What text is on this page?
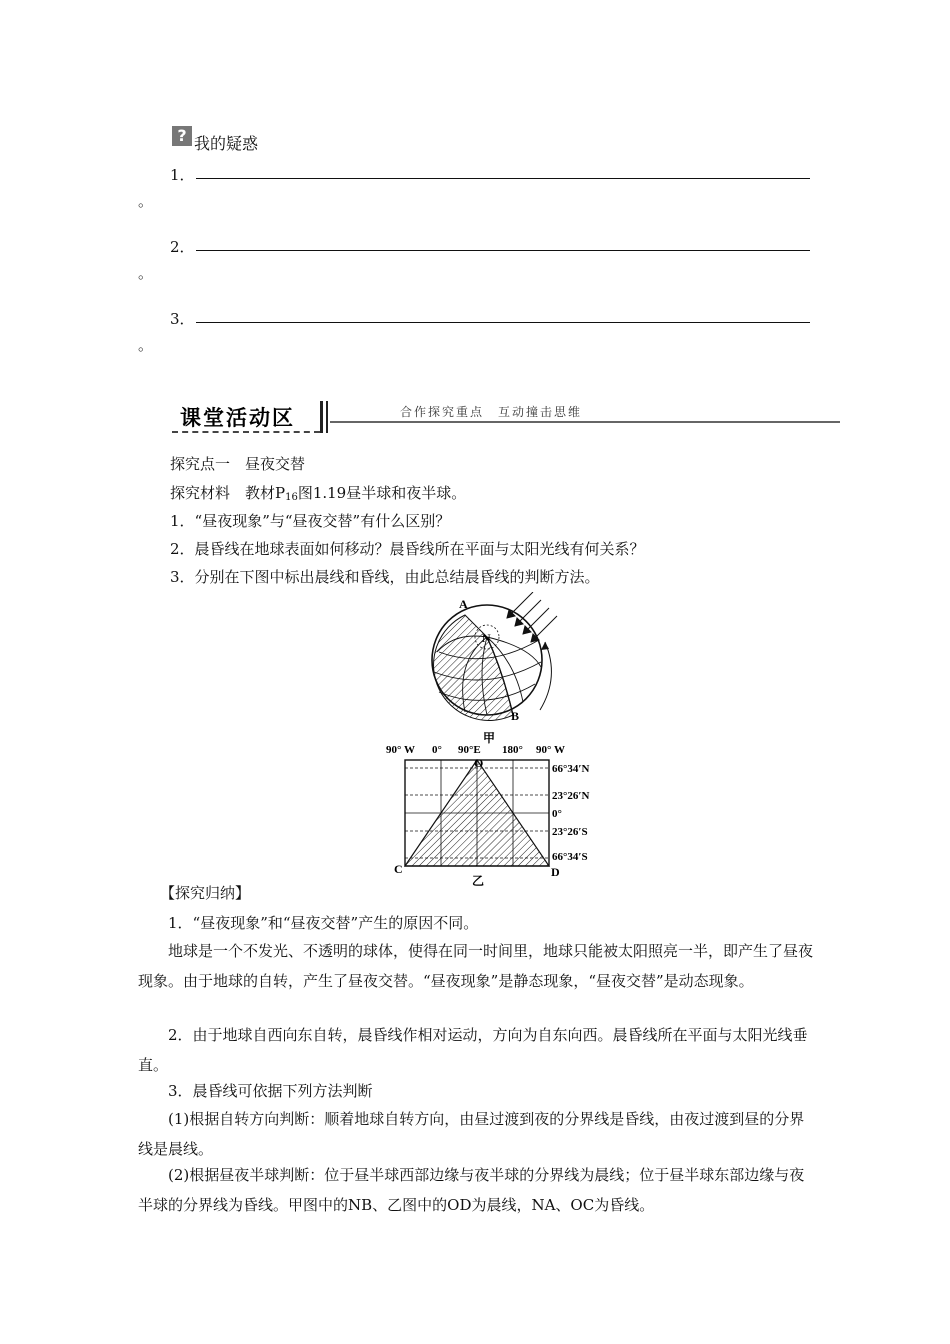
? 我的疑惑
1．
。
2．
。
3．
。
课堂活动区	合作探究重点　互动撞击思维
探究点一　昼夜交替
探究材料　教材$P_{16}$图1.19昼半球和夜半球。
1．“昼夜现象”与“昼夜交替”有什么区别？
2．晨昏线在地球表面如何移动？晨昏线所在平面与太阳光线有何关系？
3．分别在下图中标出晨线和昏线，由此总结晨昏线的判断方法。
A
N
B
甲
90° W 0° 90°E 180° 90° W
66°34′N
23°26′N
0°
23°26′S
66°34′S
O
C	D
乙
【探究归纳】

1．“昼夜现象”和“昼夜交替”产生的原因不同。

地球是一个不发光、不透明的球体，使得在同一时间里，地球只能被太阳照亮一半，即产生了昼夜现象。由于地球的自转，产生了昼夜交替。“昼夜现象”是静态现象，“昼夜交替”是动态现象。

2．由于地球自西向东自转，晨昏线作相对运动，方向为自东向西。晨昏线所在平面与太阳光线垂直。

3．晨昏线可依据下列方法判断

(1)根据自转方向判断：顺着地球自转方向，由昼过渡到夜的分界线是昏线，由夜过渡到昼的分界线是晨线。

(2)根据昼夜半球判断：位于昼半球西部边缘与夜半球的分界线为晨线；位于昼半球东部边缘与夜半球的分界线为昏线。甲图中的NB、乙图中的OD为晨线，NA、OC为昏线。
